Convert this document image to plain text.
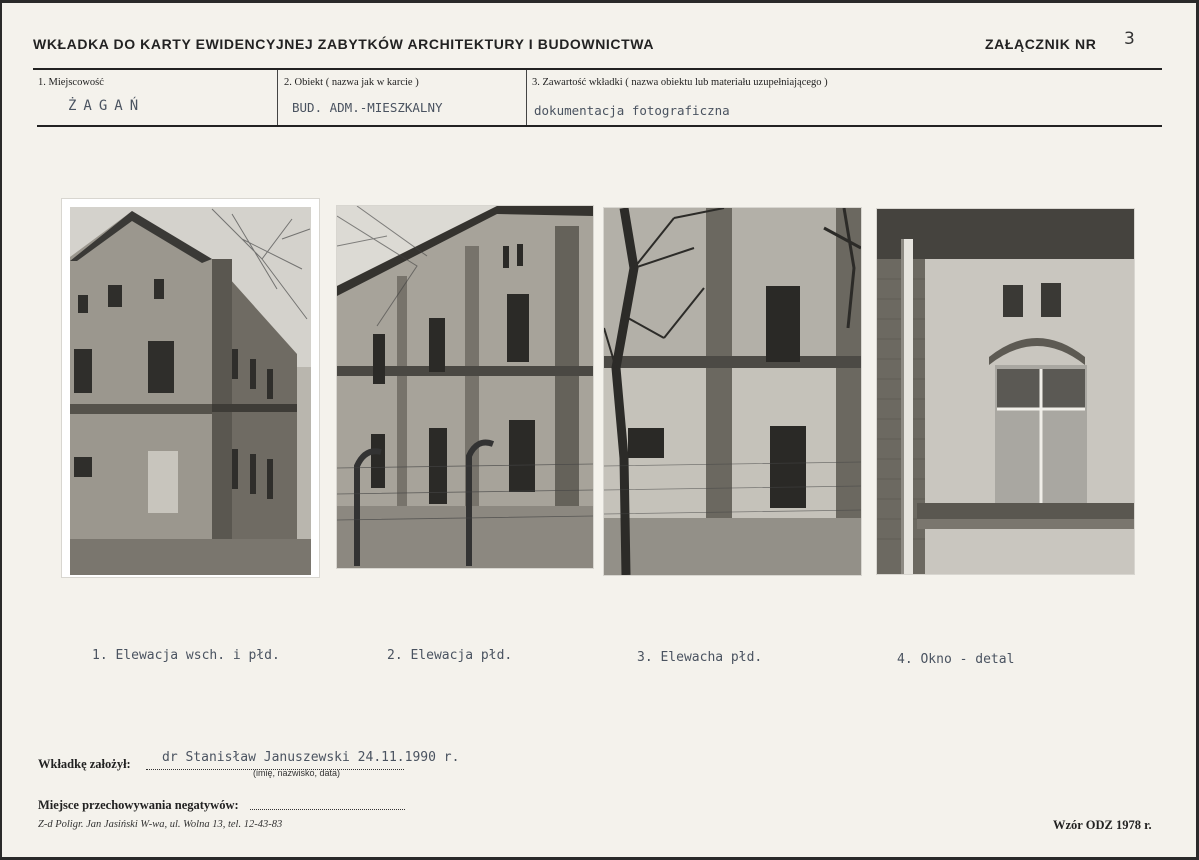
WKŁADKA DO KARTY EWIDENCYJNEJ ZABYTKÓW ARCHITEKTURY I BUDOWNICTWA	ZAŁĄCZNIK NR 3
1. Miejscowość
ŻAGAŃ
2. Obiekt ( nazwa jak w karcie )
BUD. ADM.-MIESZKALNY
3. Zawartość wkładki ( nazwa obiektu lub materiału uzupełniającego )
dokumentacja fotograficzna
1. Elewacja wsch. i płd.	2. Elewacja płd.	3. Elewacha płd.	4. Okno - detal
Wkładkę założył: dr Stanisław Januszewski 24.11.1990 r.
(imię, nazwisko, data)
Miejsce przechowywania negatywów:
Z-d Poligr. Jan Jasiński W-wa, ul. Wolna 13, tel. 12-43-83	Wzór ODZ 1978 r.
